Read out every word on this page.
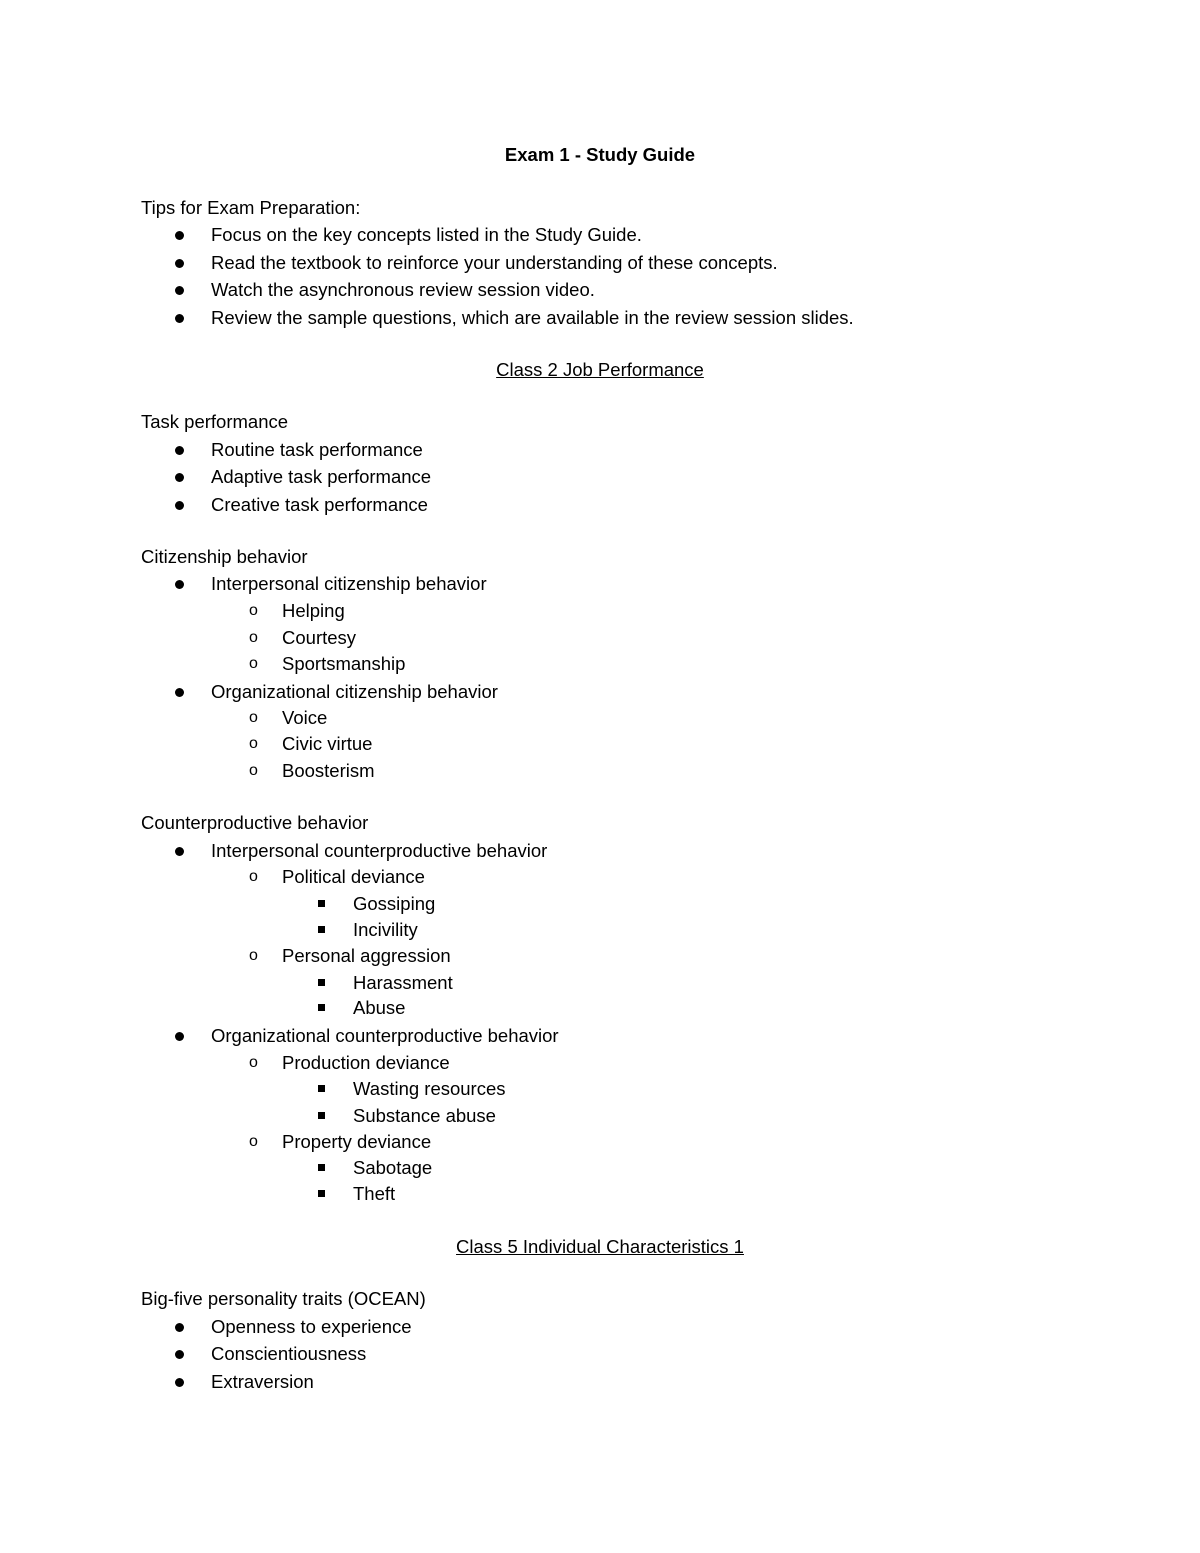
Exam 1 - Study Guide
Tips for Exam Preparation:
Focus on the key concepts listed in the Study Guide.
Read the textbook to reinforce your understanding of these concepts.
Watch the asynchronous review session video.
Review the sample questions, which are available in the review session slides.
Class 2 Job Performance
Task performance
Routine task performance
Adaptive task performance
Creative task performance
Citizenship behavior
Interpersonal citizenship behavior
o Helping
o Courtesy
o Sportsmanship
Organizational citizenship behavior
o Voice
o Civic virtue
o Boosterism
Counterproductive behavior
Interpersonal counterproductive behavior
o Political deviance
Gossiping
Incivility
o Personal aggression
Harassment
Abuse
Organizational counterproductive behavior
o Production deviance
Wasting resources
Substance abuse
o Property deviance
Sabotage
Theft
Class 5 Individual Characteristics 1
Big-five personality traits (OCEAN)
Openness to experience
Conscientiousness
Extraversion
